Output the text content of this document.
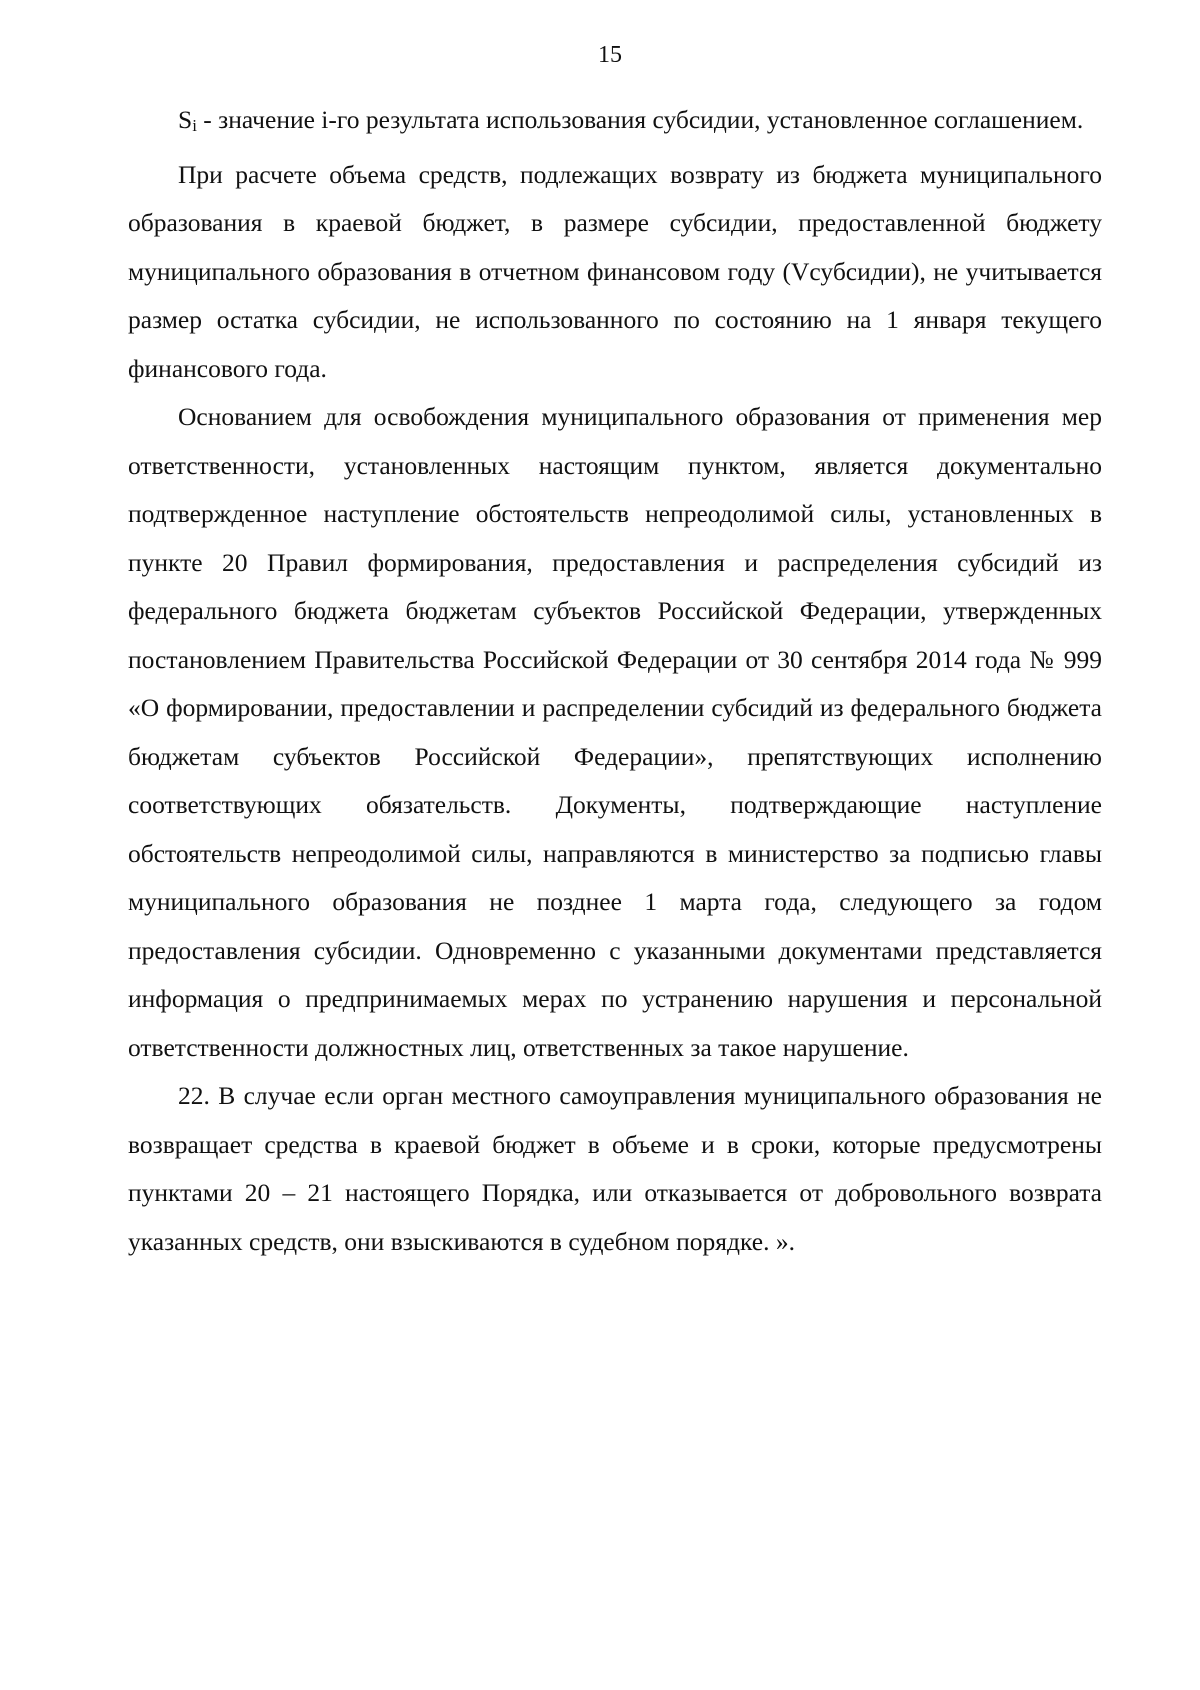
15

$S_i$ - значение i-го результата использования субсидии, установленное соглашением.

При расчете объема средств, подлежащих возврату из бюджета муниципального образования в краевой бюджет, в размере субсидии, предоставленной бюджету муниципального образования в отчетном финансовом году (Vсубсидии), не учитывается размер остатка субсидии, не использованного по состоянию на 1 января текущего финансового года.

Основанием для освобождения муниципального образования от применения мер ответственности, установленных настоящим пунктом, является документально подтвержденное наступление обстоятельств непреодолимой силы, установленных в пункте 20 Правил формирования, предоставления и распределения субсидий из федерального бюджета бюджетам субъектов Российской Федерации, утвержденных постановлением Правительства Российской Федерации от 30 сентября 2014 года № 999 «О формировании, предоставлении и распределении субсидий из федерального бюджета бюджетам субъектов Российской Федерации», препятствующих исполнению соответствующих обязательств. Документы, подтверждающие наступление обстоятельств непреодолимой силы, направляются в министерство за подписью главы муниципального образования не позднее 1 марта года, следующего за годом предоставления субсидии. Одновременно с указанными документами представляется информация о предпринимаемых мерах по устранению нарушения и персональной ответственности должностных лиц, ответственных за такое нарушение.

22. В случае если орган местного самоуправления муниципального образования не возвращает средства в краевой бюджет в объеме и в сроки, которые предусмотрены пунктами 20 – 21 настоящего Порядка, или отказывается от добровольного возврата указанных средств, они взыскиваются в судебном порядке. ».
